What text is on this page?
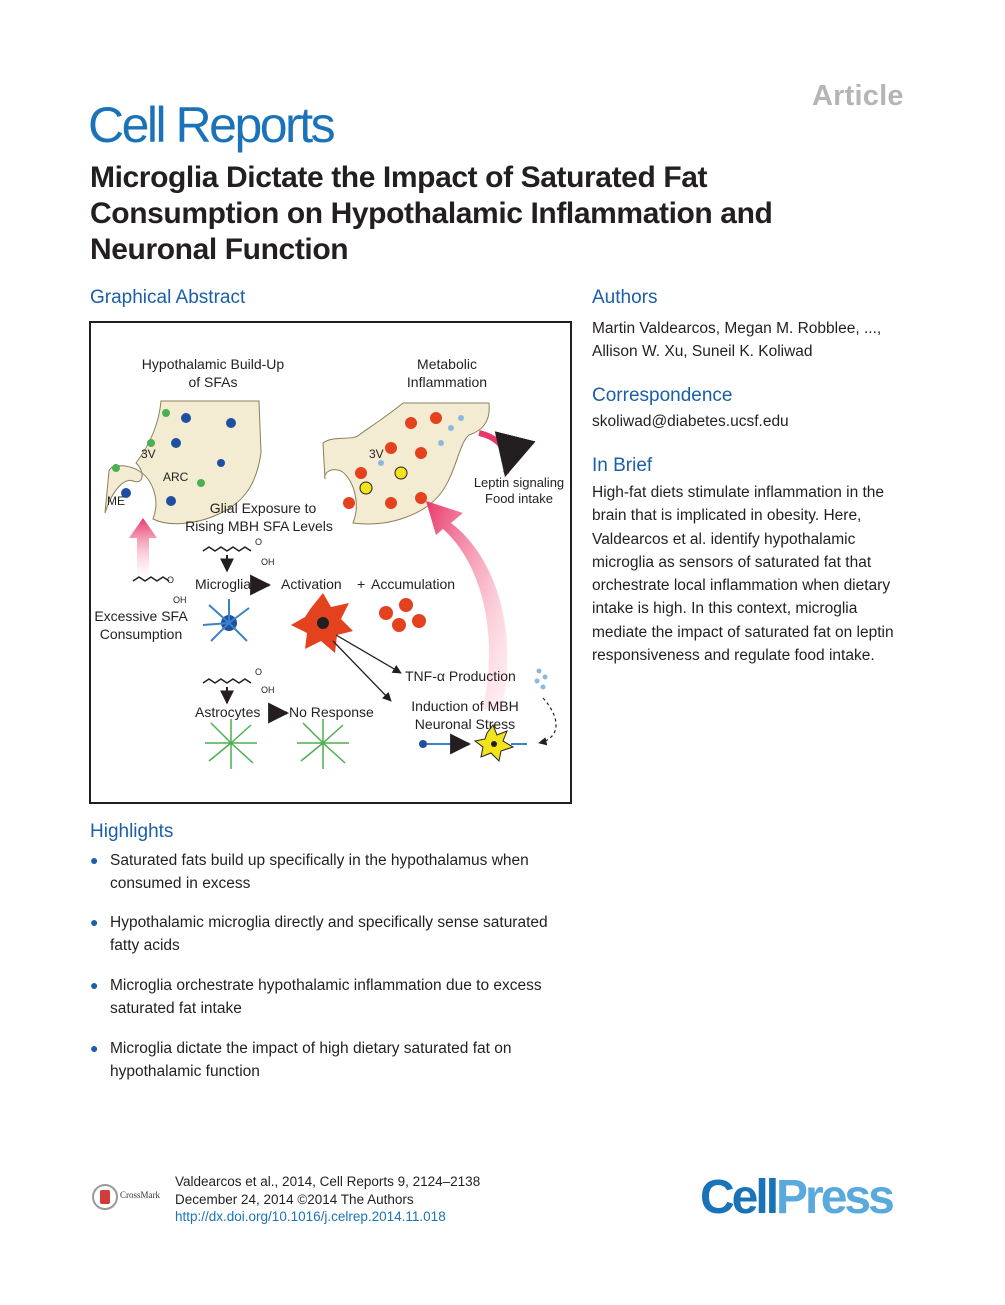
Cell Reports
Article
Microglia Dictate the Impact of Saturated Fat Consumption on Hypothalamic Inflammation and Neuronal Function
Graphical Abstract	Authors
Martin Valdearcos, Megan M. Robblee, ...,
Allison W. Xu, Suneil K. Koliwad
Correspondence
skoliwad@diabetes.ucsf.edu
In Brief
High-fat diets stimulate inflammation in the brain that is implicated in obesity. Here, Valdearcos et al. identify hypothalamic microglia as sensors of saturated fat that orchestrate local inflammation when dietary intake is high. In this context, microglia mediate the impact of saturated fat on leptin responsiveness and regulate food intake.
Hypothalamic Build-Up
of SFAs
Metabolic
Inflammation
3V
ARC
ME
3V
Leptin signaling
Food intake
Glial Exposure to
Rising MBH SFA Levels
O
OH
O
OH
O
OH
Microglia Activation + Accumulation
Excessive SFA
Consumption
TNF-α Production
Astrocytes No Response	Induction of MBH
Neuronal Stress
Highlights
● Saturated fats build up specifically in the hypothalamus when consumed in excess
● Hypothalamic microglia directly and specifically sense saturated fatty acids
● Microglia orchestrate hypothalamic inflammation due to excess saturated fat intake
● Microglia dictate the impact of high dietary saturated fat on hypothalamic function
CrossMark
Valdearcos et al., 2014, Cell Reports 9, 2124–2138
December 24, 2014 ©2014 The Authors
http://dx.doi.org/10.1016/j.celrep.2014.11.018	CellPress
